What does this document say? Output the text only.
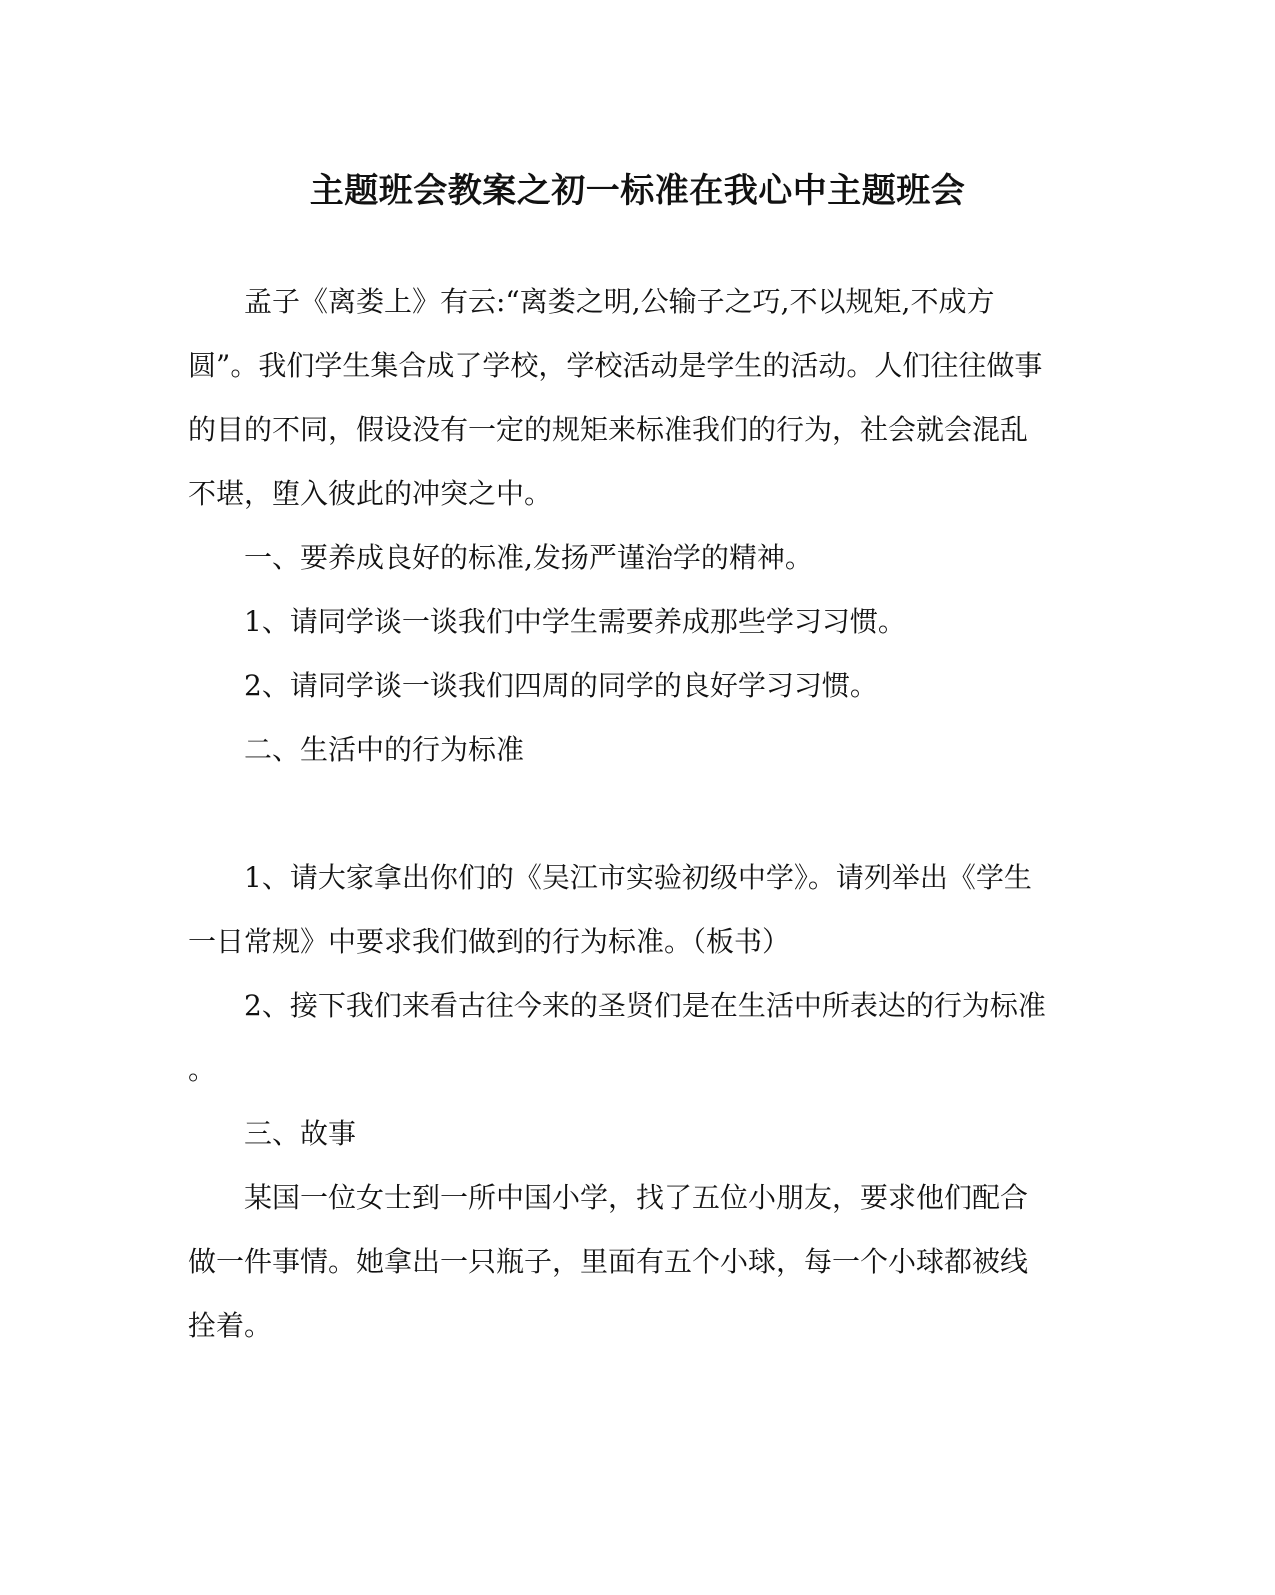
主题班会教案之初一标准在我心中主题班会
孟子《离娄上》有云:“离娄之明,公输子之巧,不以规矩,不成方
圆”。我们学生集合成了学校，学校活动是学生的活动。人们往往做事
的目的不同，假设没有一定的规矩来标准我们的行为，社会就会混乱
不堪，堕入彼此的冲突之中。
一、要养成良好的标准,发扬严谨治学的精神。
1、请同学谈一谈我们中学生需要养成那些学习习惯。
2、请同学谈一谈我们四周的同学的良好学习习惯。
二、生活中的行为标准
1、请大家拿出你们的《吴江市实验初级中学》。请列举出《学生
一日常规》中要求我们做到的行为标准。（板书）
2、接下我们来看古往今来的圣贤们是在生活中所表达的行为标准
。
三、故事
某国一位女士到一所中国小学，找了五位小朋友，要求他们配合
做一件事情。她拿出一只瓶子，里面有五个小球，每一个小球都被线
拴着。
